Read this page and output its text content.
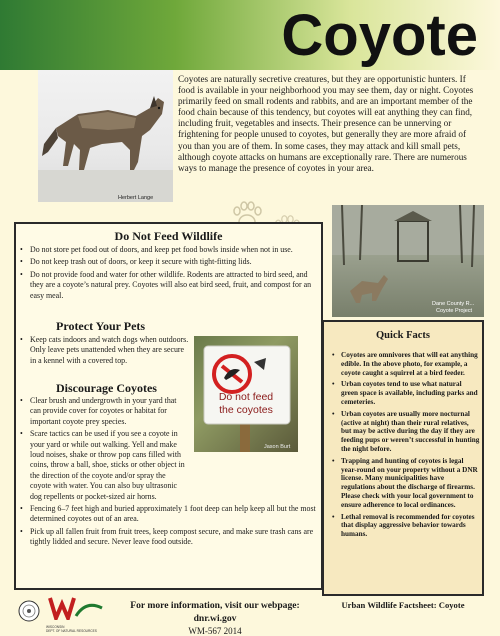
Coyote
Herbert Lange
Coyotes are naturally secretive creatures, but they are opportunistic hunters. If food is available in your neighborhood you may see them, day or night. Coyotes primarily feed on small rodents and rabbits, and are an important member of the food chain because of this tendency, but coyotes will eat anything they can find, including fruit, vegetables and insects. Their presence can be unnerving or frightening for people unused to coyotes, but generally they are more afraid of you than you are of them. In some cases, they may attack and kill small pets, although coyote attacks on humans are exceptionally rare. There are numerous ways to manage the presence of coyotes in your area.
Do Not Feed Wildlife
• Do not store pet food out of doors, and keep pet food bowls inside when not in use.
• Do not keep trash out of doors, or keep it secure with tight-fitting lids.
• Do not provide food and water for other wildlife. Rodents are attracted to bird seed, and they are a coyote’s natural prey. Coyotes will also eat bird seed, fruit, and compost for an easy meal.
Protect Your Pets
• Keep cats indoors and watch dogs when outdoors. Only leave pets unattended when they are secure in a kennel with a covered top.
Discourage Coyotes
• Clear brush and undergrowth in your yard that can provide cover for coyotes or habitat for important coyote prey species.
• Scare tactics can be used if you see a coyote in your yard or while out walking. Yell and make loud noises, shake or throw pop cans filled with coins, throw a ball, shoe, sticks or other object in the direction of the coyote and/or spray the coyote with water. You can also buy ultrasonic dog repellents or pocket-sized air horns.
• Fencing 6–7 feet high and buried approximately 1 foot deep can help keep all but the most determined coyotes out of an area.
• Pick up all fallen fruit from fruit trees, keep compost secure, and make sure trash cans are tightly lidded and secure. Never leave food outside.
Do not feed
the coyotes
Jason Burt
Dane County R...
Coyote Project
Quick Facts
• Coyotes are omnivores that will eat anything edible. In the above photo, for example, a coyote caught a squirrel at a bird feeder.
• Urban coyotes tend to use what natural green space is available, including parks and cemeteries.
• Urban coyotes are usually more nocturnal (active at night) than their rural relatives, but may be active during the day if they are feeding pups or weren’t successful in hunting the night before.
• Trapping and hunting of coyotes is legal year-round on your property without a DNR license. Many municipalities have regulations about the discharge of firearms. Please check with your local government to ensure adherence to local ordinances.
• Lethal removal is recommended for coyotes that display aggressive behavior towards humans.
WISCONSIN
DEPT. OF NATURAL RESOURCES
For more information, visit our webpage:
dnr.wi.gov
WM-567 2014
Urban Wildlife Factsheet: Coyote
